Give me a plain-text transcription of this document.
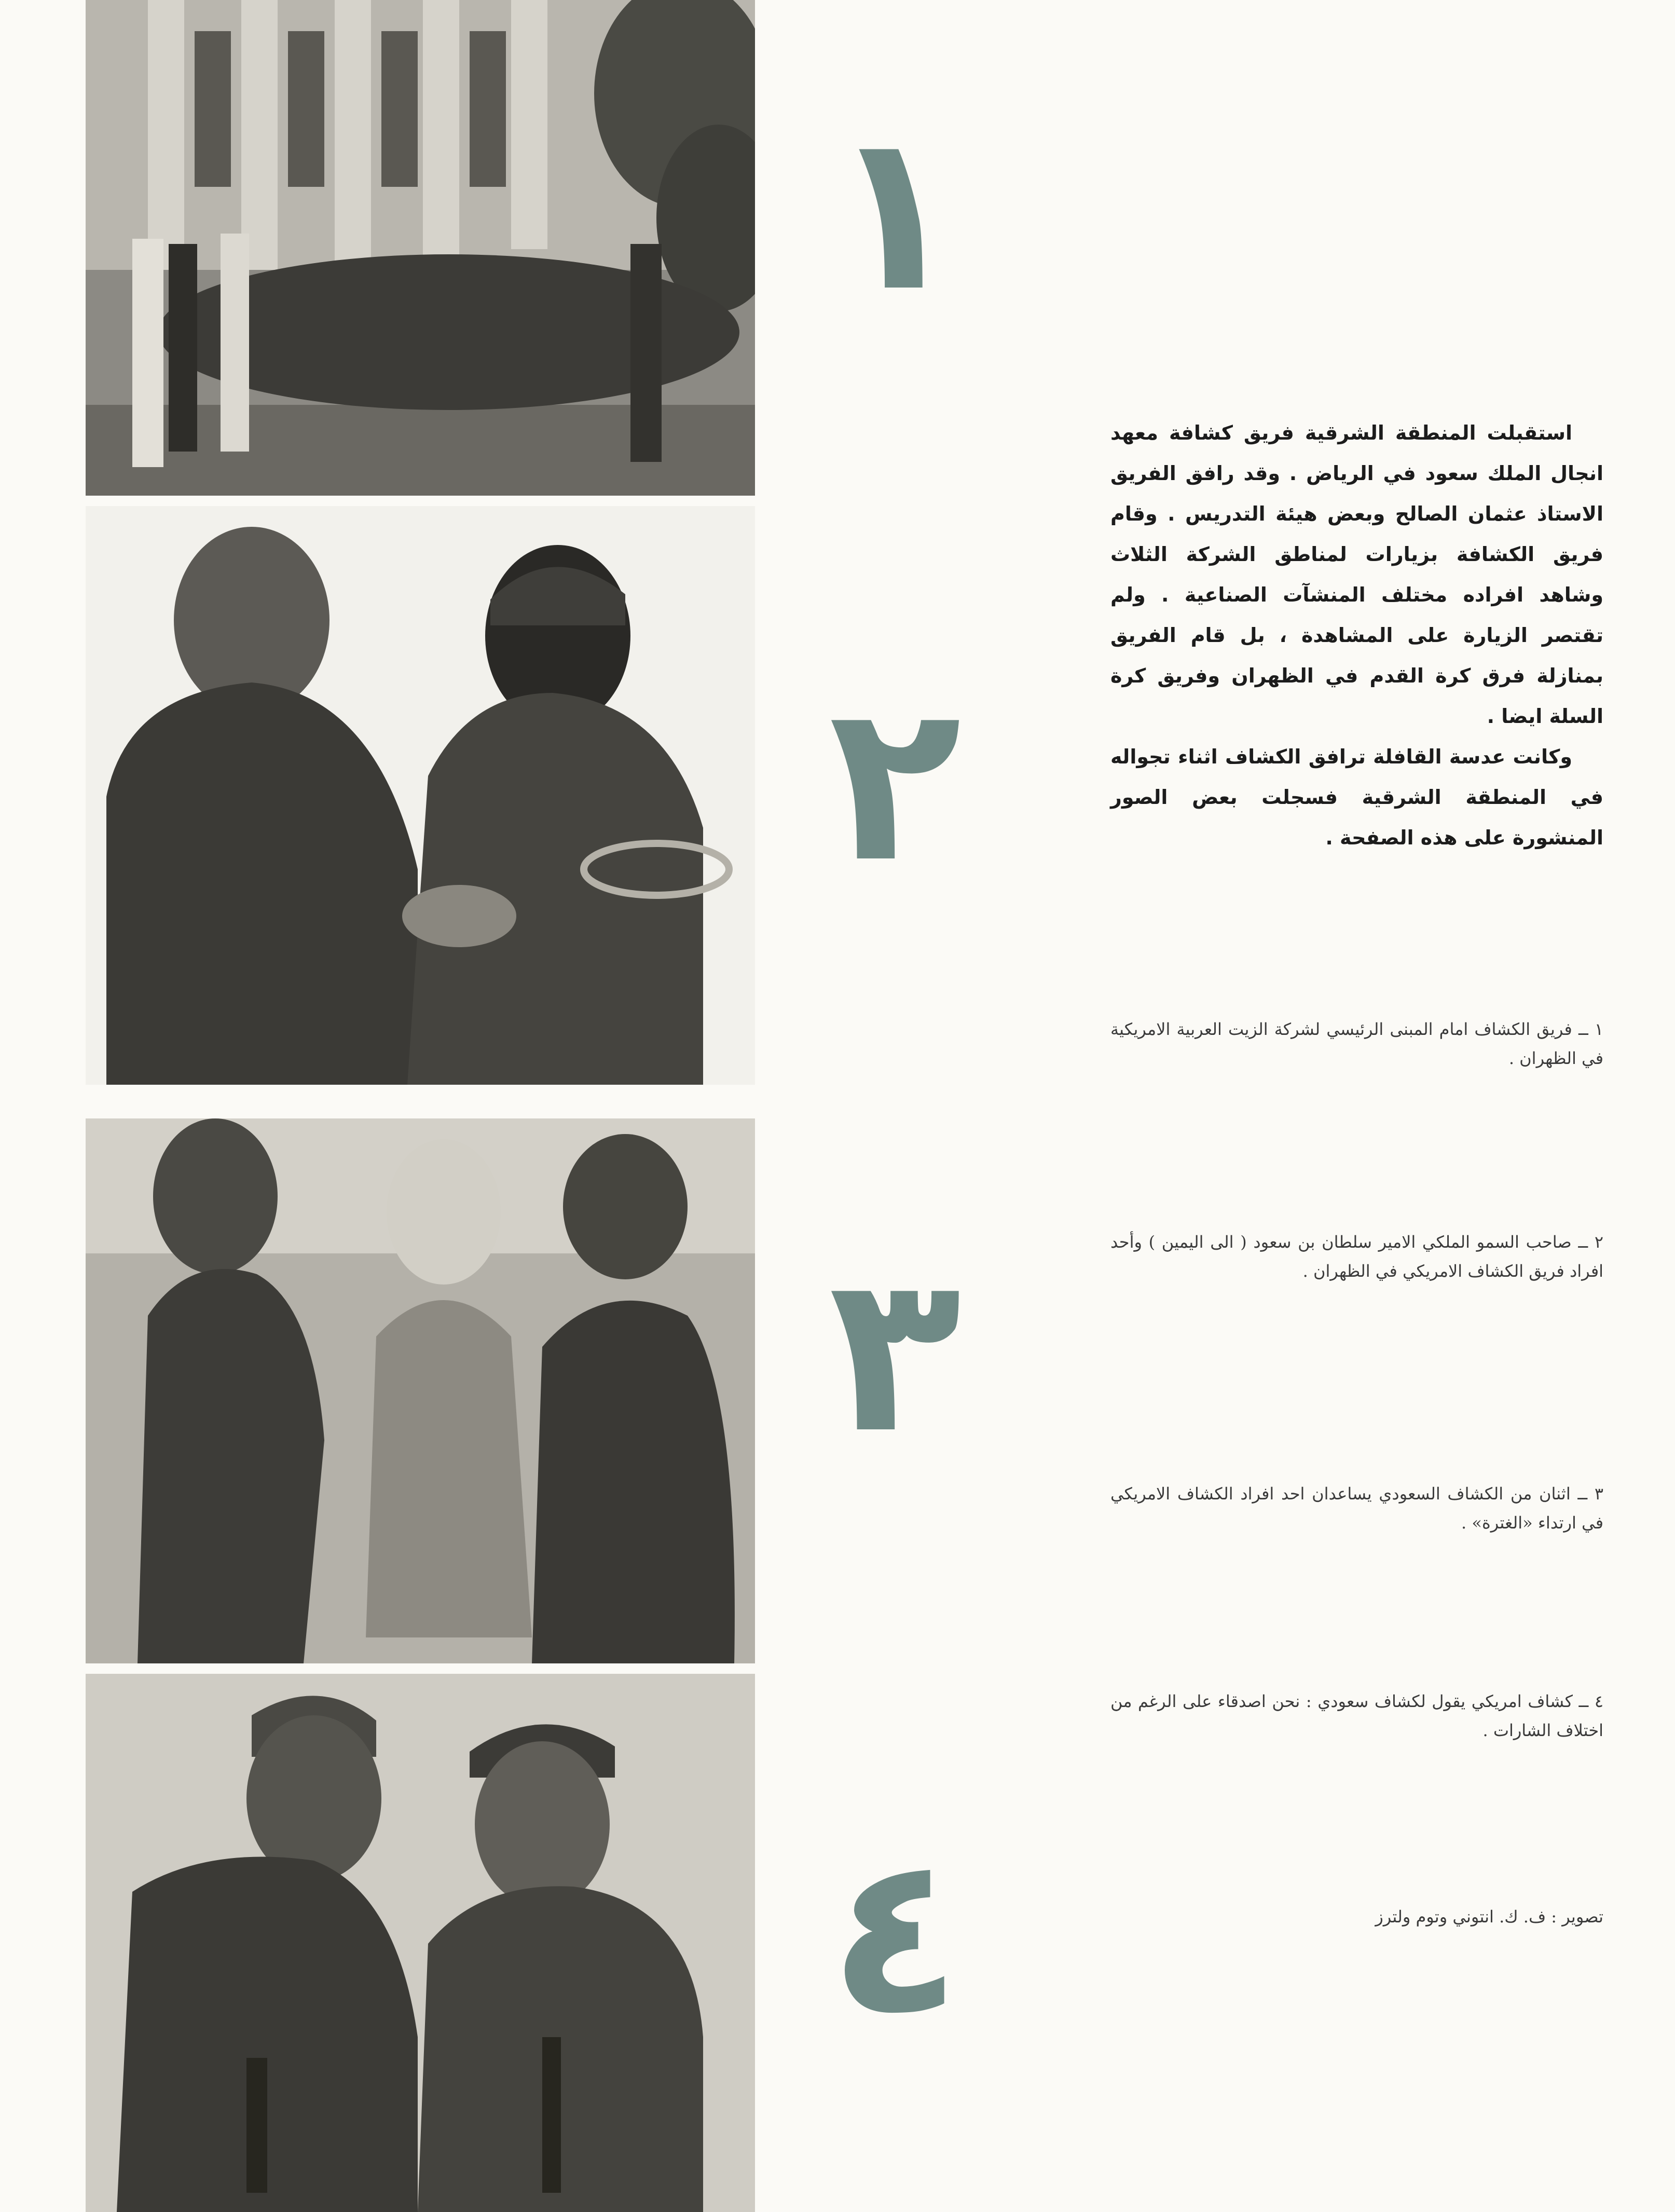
١
٢
٣
٤

استقبلت المنطقة الشرقية فريق كشافة معهد انجال الملك سعود في الرياض . وقد رافق الفريق الاستاذ عثمان الصالح وبعض هيئة التدريس . وقام فريق الكشافة بزيارات لمناطق الشركة الثلاث وشاهد افراده مختلف المنشآت الصناعية . ولم تقتصر الزيارة على المشاهدة ، بل قام الفريق بمنازلة فرق كرة القدم في الظهران وفريق كرة السلة ايضا .

وكانت عدسة القافلة ترافق الكشاف اثناء تجواله في المنطقة الشرقية فسجلت بعض الصور المنشورة على هذه الصفحة .

١ ــ فريق الكشاف امام المبنى الرئيسي لشركة الزيت العربية الامريكية في الظهران .
٢ ــ صاحب السمو الملكي الامير سلطان بن سعود ( الى اليمين ) وأحد افراد فريق الكشاف الامريكي في الظهران .
٣ ــ اثنان من الكشاف السعودي يساعدان احد افراد الكشاف الامريكي في ارتداء «الغترة» .
٤ ــ كشاف امريكي يقول لكشاف سعودي : نحن اصدقاء على الرغم من اختلاف الشارات .
تصوير : ف. ك. انتوني وتوم ولترز
